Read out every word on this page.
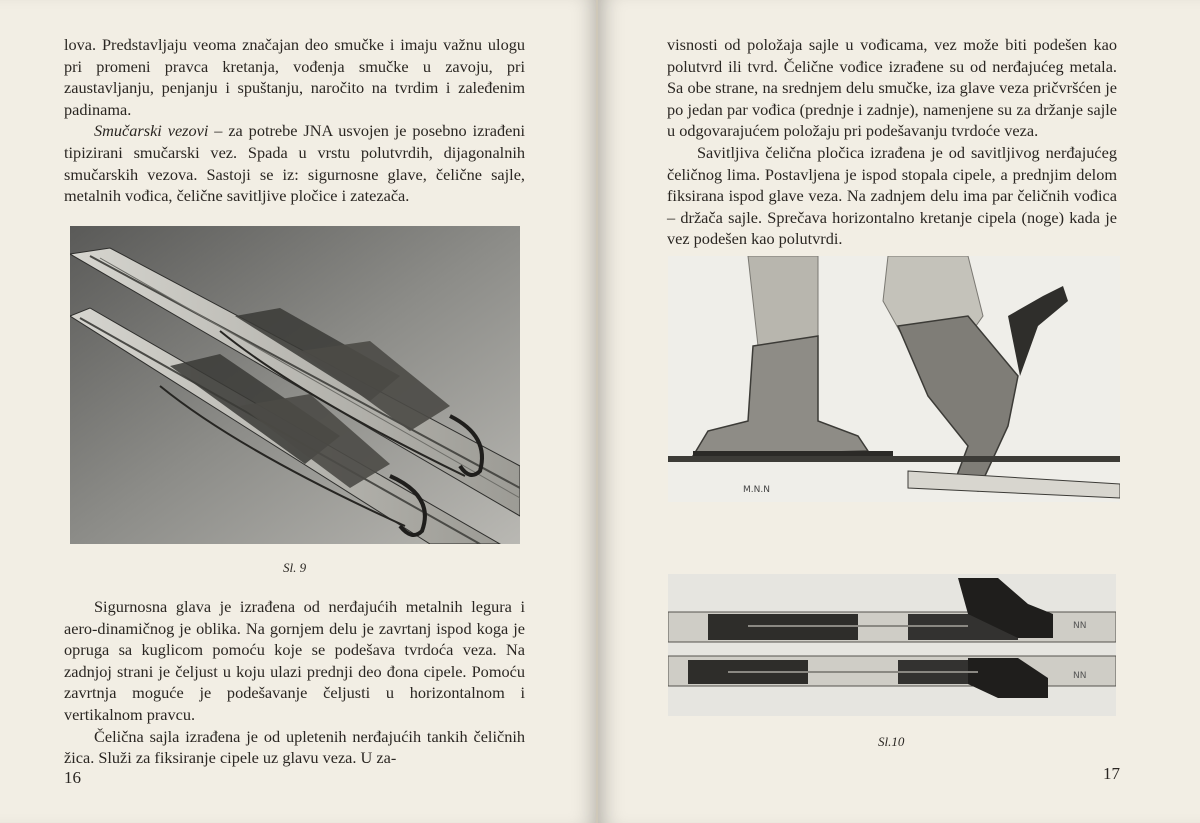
lova. Predstavljaju veoma značajan deo smučke i imaju važnu ulogu pri promeni pravca kretanja, vođenja smučke u zavoju, pri zaustavljanju, penjanju i spuštanju, naročito na tvrdim i zaleđenim padinama.

Smučarski vezovi – za potrebe JNA usvojen je posebno izrađeni tipizirani smučarski vez. Spada u vrstu polutvrdih, dijagonalnih smučarskih vezova. Sastoji se iz: sigurnosne glave, čelične sajle, metalnih vođica, čelične savitljive pločice i zatezača.

Sl. 9

Sigurnosna glava je izrađena od nerđajućih metalnih legura i aero-dinamičnog je oblika. Na gornjem delu je zavrtanj ispod koga je opruga sa kuglicom pomoću koje se podešava tvrdoća veza. Na zadnjoj strani je čeljust u koju ulazi prednji deo đona cipele. Pomoću zavrtnja moguće je podešavanje čeljusti u horizontalnom i vertikalnom pravcu.

Čelična sajla izrađena je od upletenih nerđajućih tankih čeličnih žica. Služi za fiksiranje cipele uz glavu veza. U za-

16

visnosti od položaja sajle u vođicama, vez može biti podešen kao polutvrd ili tvrd. Čelične vođice izrađene su od nerđajućeg metala. Sa obe strane, na srednjem delu smučke, iza glave veza pričvršćen je po jedan par vođica (prednje i zadnje), namenjene su za držanje sajle u odgovarajućem položaju pri podešavanju tvrdoće veza.

Savitljiva čelična pločica izrađena je od savitljivog nerđajućeg čeličnog lima. Postavljena je ispod stopala cipele, a prednjim delom fiksirana ispod glave veza. Na zadnjem delu ima par čeličnih vođica – držača sajle. Sprečava horizontalno kretanje cipela (noge) kada je vez podešen kao polutvrdi.

M.N.N
NN
NN
Sl.10
17
